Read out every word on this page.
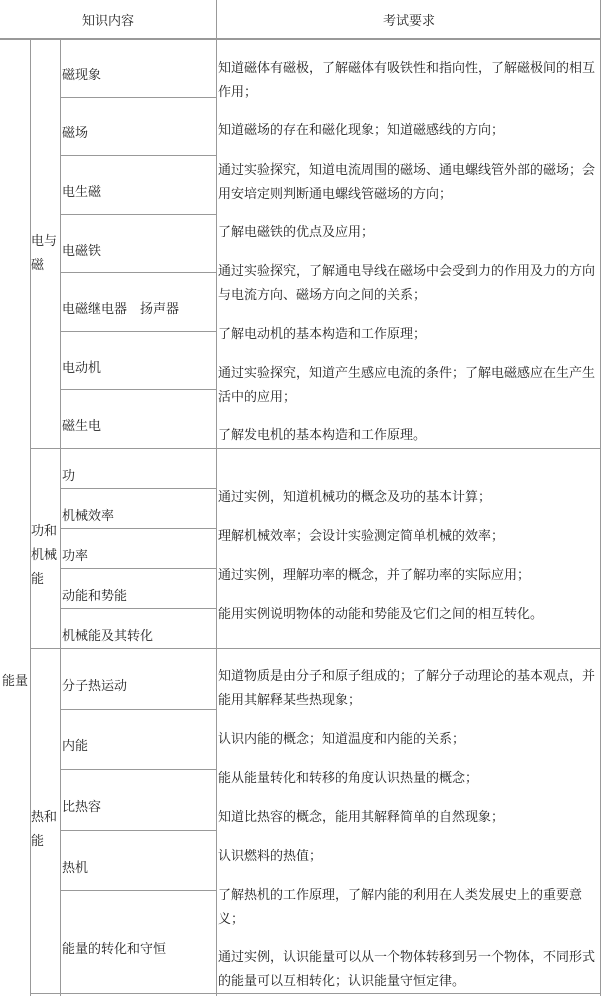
知识内容	考试要求
能量
电与磁
功和机械能
热和能
磁现象
磁场
电生磁
电磁铁
电磁继电器　扬声器
电动机
磁生电
知道磁体有磁极，了解磁体有吸铁性和指向性，了解磁极间的相互作用；
知道磁场的存在和磁化现象；知道磁感线的方向；
通过实验探究，知道电流周围的磁场、通电螺线管外部的磁场；会用安培定则判断通电螺线管磁场的方向；
了解电磁铁的优点及应用；
通过实验探究，了解通电导线在磁场中会受到力的作用及力的方向与电流方向、磁场方向之间的关系；
了解电动机的基本构造和工作原理；
通过实验探究，知道产生感应电流的条件；了解电磁感应在生产生活中的应用；
了解发电机的基本构造和工作原理。
功
机械效率
功率
动能和势能
机械能及其转化
通过实例，知道机械功的概念及功的基本计算；
理解机械效率；会设计实验测定简单机械的效率；
通过实例，理解功率的概念，并了解功率的实际应用；
能用实例说明物体的动能和势能及它们之间的相互转化。
分子热运动
内能
比热容
热机
能量的转化和守恒
知道物质是由分子和原子组成的；了解分子动理论的基本观点，并能用其解释某些热现象；
认识内能的概念；知道温度和内能的关系；
能从能量转化和转移的角度认识热量的概念；
知道比热容的概念，能用其解释简单的自然现象；
认识燃料的热值；
了解热机的工作原理，了解内能的利用在人类发展史上的重要意义；
通过实例，认识能量可以从一个物体转移到另一个物体，不同形式的能量可以互相转化；认识能量守恒定律。
